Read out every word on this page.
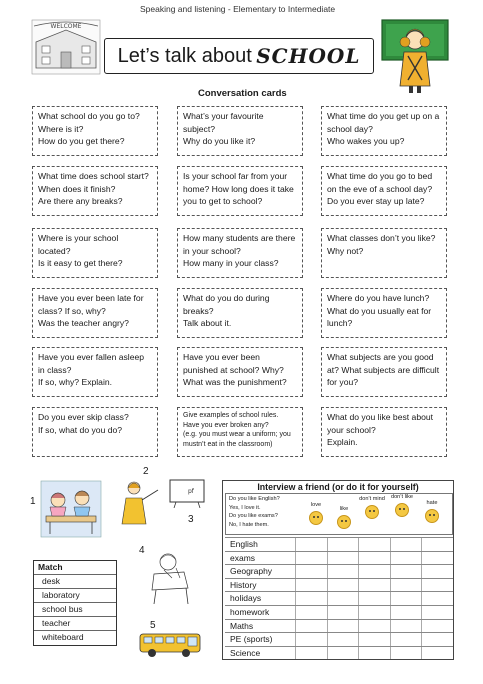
Speaking and listening - Elementary to Intermediate
WELCOME
Let’s talk about
SCHOOL
Conversation cards
What school do you go to?
Where is it?
How do you get there?
What’s your favourite subject?
Why do you like it?
What time do you get up on a school day?
Who wakes you up?
What time does school start? When does it finish?
Are there any breaks?
Is your school far from your home? How long does it take you to get to school?
What time do you go to bed on the eve of a school day?
Do you ever stay up late?
Where is your school located?
Is it easy to get there?
How many students are there in your school?
How many in your class?
What classes don’t you like?
Why not?
Have you ever been late for class? If so, why?
Was the teacher angry?
What do you do during breaks?
Talk about it.
Where do you have lunch?
What do you usually eat for lunch?
Have you ever fallen asleep in class?
If so, why? Explain.
Have you ever been punished at school? Why?
What was the punishment?
What subjects are you good at? What subjects are difficult for you?
Do you ever skip class?
If so, what do you do?
Give examples of school rules.
Have you ever broken any?
(e.g. you must wear a uniform; you mustn’t eat in the classroom)
What do you like best about your school?
Explain.
1
2
pf
3
4
5
Match
desk
laboratory
school bus
teacher
whiteboard
Interview a friend (or do it for yourself)
Do you like English?
Yes, I love it.
Do you like exams?
No, I hate them.
love
like
don’t mind	don’t like
hate
English
exams
Geography
History
holidays
homework
Maths
PE (sports)
Science
